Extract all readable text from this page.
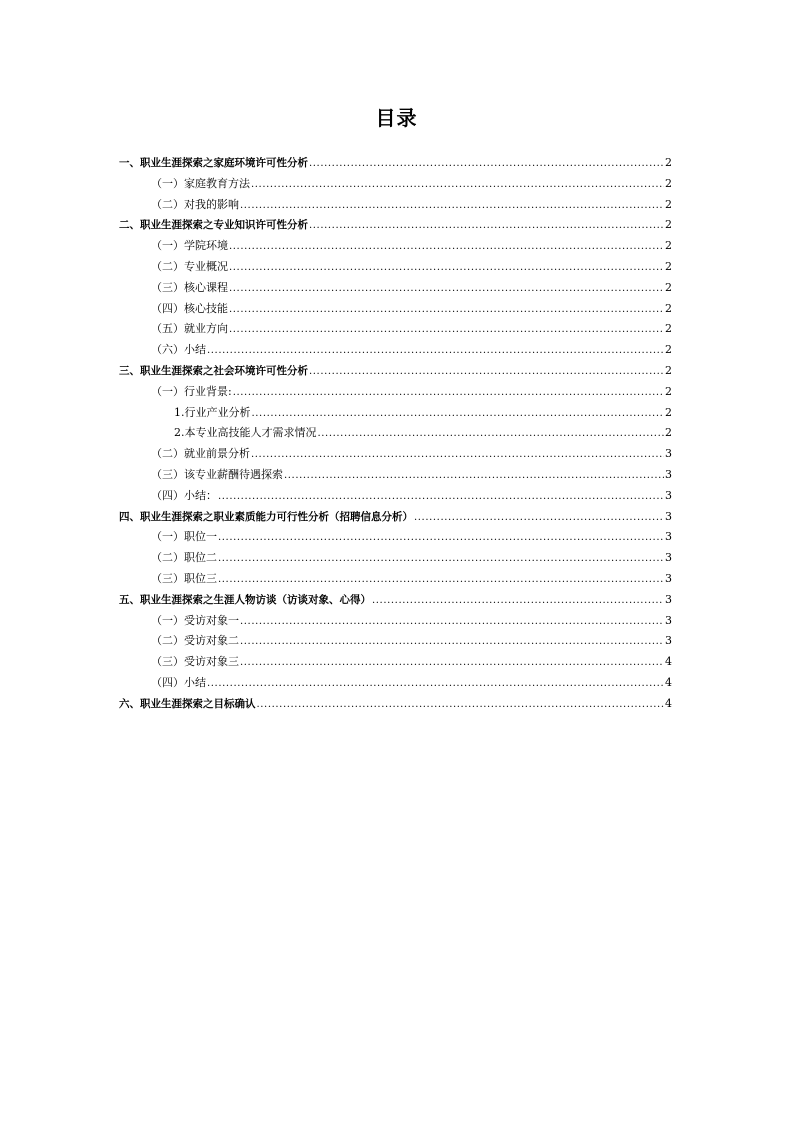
目录
一、职业生涯探索之家庭环境许可性分析 .....	2
（一）家庭教育方法 .....	2
（二）对我的影响 .....	2
二、职业生涯探索之专业知识许可性分析 .....	2
（一）学院环境 .....	2
（二）专业概况 .....	2
（三）核心课程 .....	2
（四）核心技能 .....	2
（五）就业方向 .....	2
（六）小结 .....	2
三、职业生涯探索之社会环境许可性分析 .....	2
（一）行业背景: .....	2
1.行业产业分析 .....	2
2.本专业高技能人才需求情况 .....	2
（二）就业前景分析 .....	3
（三）该专业薪酬待遇探索 .....	3
（四）小结： .....	3
四、职业生涯探索之职业素质能力可行性分析（招聘信息分析） .....	3
（一）职位一 .....	3
（二）职位二 .....	3
（三）职位三 .....	3
五、职业生涯探索之生涯人物访谈（访谈对象、心得） .....	3
（一）受访对象一 .....	3
（二）受访对象二 .....	3
（三）受访对象三 .....	4
（四）小结 .....	4
六、职业生涯探索之目标确认 .....	4
